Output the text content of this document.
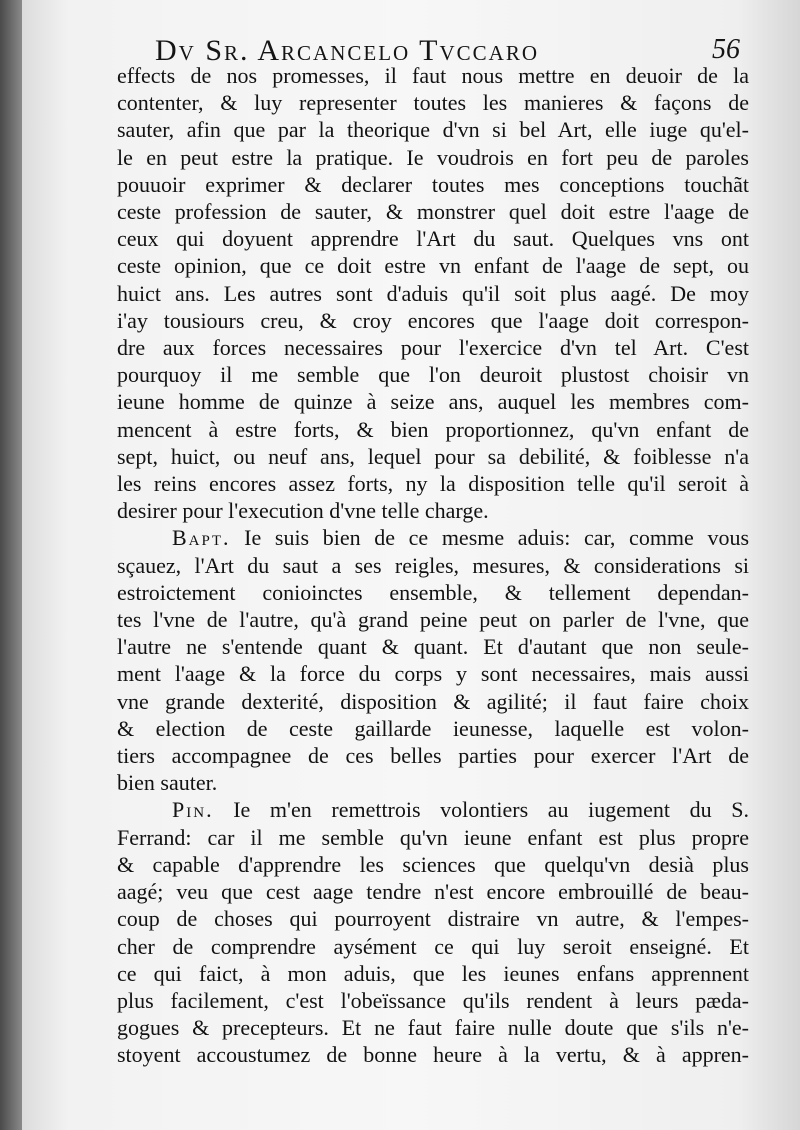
Dv Sr. Arcancelo Tvccaro	56
effects de nos promesses, il faut nous mettre en deuoir de la
contenter, & luy representer toutes les manieres & façons de
sauter, afin que par la theorique d'vn si bel Art, elle iuge qu'el-
le en peut estre la pratique. Ie voudrois en fort peu de paroles
pouuoir exprimer & declarer toutes mes conceptions touchãt
ceste profession de sauter, & monstrer quel doit estre l'aage de
ceux qui doyuent apprendre l'Art du saut. Quelques vns ont
ceste opinion, que ce doit estre vn enfant de l'aage de sept, ou
huict ans. Les autres sont d'aduis qu'il soit plus aagé. De moy
i'ay tousiours creu, & croy encores que l'aage doit correspon-
dre aux forces necessaires pour l'exercice d'vn tel Art. C'est
pourquoy il me semble que l'on deuroit plustost choisir vn
ieune homme de quinze à seize ans, auquel les membres com-
mencent à estre forts, & bien proportionnez, qu'vn enfant de
sept, huict, ou neuf ans, lequel pour sa debilité, & foiblesse n'a
les reins encores assez forts, ny la disposition telle qu'il seroit à
desirer pour l'execution d'vne telle charge.
Bapt. Ie suis bien de ce mesme aduis: car, comme vous
sçauez, l'Art du saut a ses reigles, mesures, & considerations si
estroictement conioinctes ensemble, & tellement dependan-
tes l'vne de l'autre, qu'à grand peine peut on parler de l'vne, que
l'autre ne s'entende quant & quant. Et d'autant que non seule-
ment l'aage & la force du corps y sont necessaires, mais aussi
vne grande dexterité, disposition & agilité; il faut faire choix
& election de ceste gaillarde ieunesse, laquelle est volon-
tiers accompagnee de ces belles parties pour exercer l'Art de
bien sauter.
Pin. Ie m'en remettrois volontiers au iugement du S.
Ferrand: car il me semble qu'vn ieune enfant est plus propre
& capable d'apprendre les sciences que quelqu'vn desià plus
aagé; veu que cest aage tendre n'est encore embrouillé de beau-
coup de choses qui pourroyent distraire vn autre, & l'empes-
cher de comprendre aysément ce qui luy seroit enseigné. Et
ce qui faict, à mon aduis, que les ieunes enfans apprennent
plus facilement, c'est l'obeïssance qu'ils rendent à leurs pæda-
gogues & precepteurs. Et ne faut faire nulle doute que s'ils n'e-
stoyent accoustumez de bonne heure à la vertu, & à appren-
